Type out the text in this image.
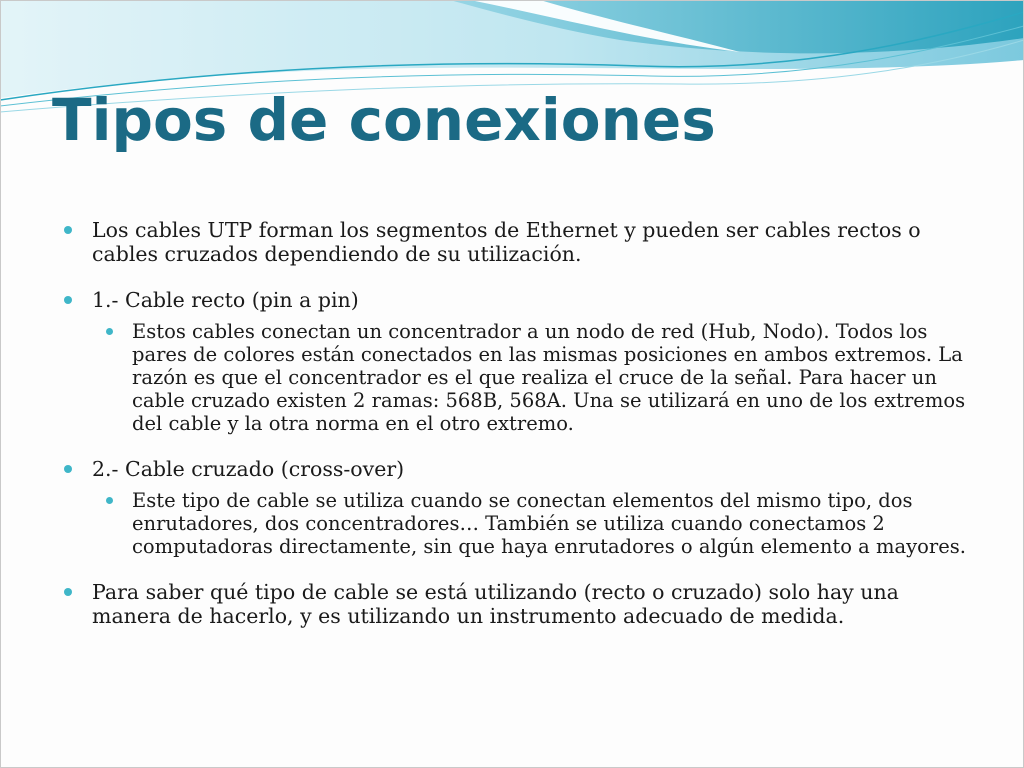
Tipos de conexiones
Los cables UTP forman los segmentos de Ethernet y pueden ser cables rectos o cables cruzados dependiendo de su utilización.
1.- Cable recto (pin a pin)
Estos cables conectan un concentrador a un nodo de red (Hub, Nodo). Todos los pares de colores están conectados en las mismas posiciones en ambos extremos. La razón es que el concentrador es el que realiza el cruce de la señal. Para hacer un cable cruzado existen 2 ramas: 568B, 568A. Una se utilizará en uno de los extremos del cable y la otra norma en el otro extremo.
2.- Cable cruzado (cross-over)
Este tipo de cable se utiliza cuando se conectan elementos del mismo tipo, dos enrutadores, dos concentradores… También se utiliza cuando conectamos 2 computadoras directamente, sin que haya enrutadores o algún elemento a mayores.
Para saber qué tipo de cable se está utilizando (recto o cruzado) solo hay una manera de hacerlo, y es utilizando un instrumento adecuado de medida.
